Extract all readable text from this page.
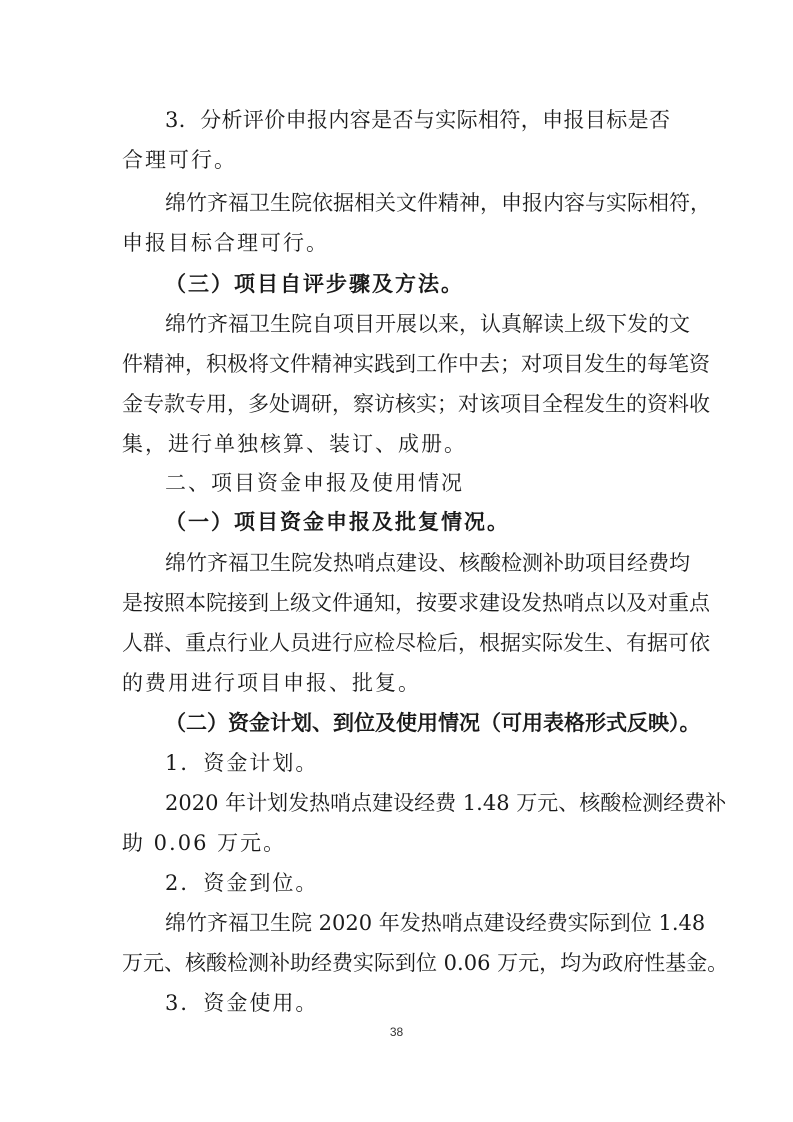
3．分析评价申报内容是否与实际相符，申报目标是否
合理可行。
绵竹齐福卫生院依据相关文件精神，申报内容与实际相符，
申报目标合理可行。
（三）项目自评步骤及方法。
绵竹齐福卫生院自项目开展以来，认真解读上级下发的文
件精神，积极将文件精神实践到工作中去；对项目发生的每笔资
金专款专用，多处调研，察访核实；对该项目全程发生的资料收
集，进行单独核算、装订、成册。
二、项目资金申报及使用情况
（一）项目资金申报及批复情况。
绵竹齐福卫生院发热哨点建设、核酸检测补助项目经费均
是按照本院接到上级文件通知，按要求建设发热哨点以及对重点
人群、重点行业人员进行应检尽检后，根据实际发生、有据可依
的费用进行项目申报、批复。
（二）资金计划、到位及使用情况（可用表格形式反映）。
1．资金计划。
2020 年计划发热哨点建设经费 1.48 万元、核酸检测经费补
助 0.06 万元。
2．资金到位。
绵竹齐福卫生院 2020 年发热哨点建设经费实际到位 1.48
万元、核酸检测补助经费实际到位 0.06 万元，均为政府性基金。
3．资金使用。
38
